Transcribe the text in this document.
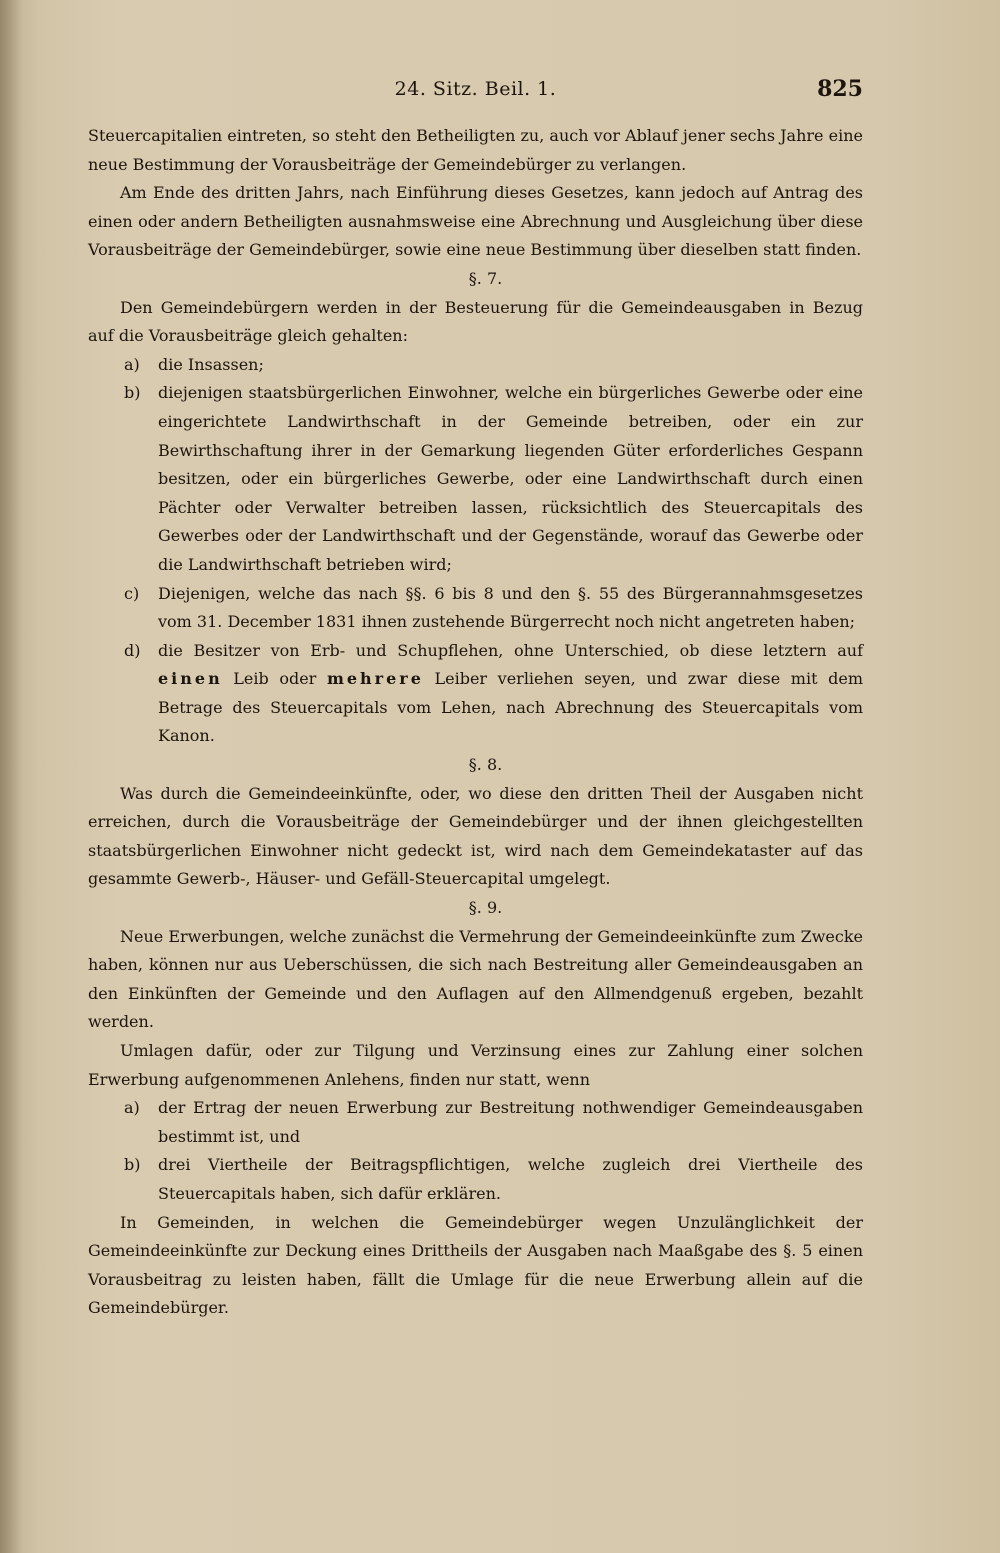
24. Sitz. Beil. 1.	825

Steuercapitalien eintreten, so steht den Betheiligten zu, auch vor Ablauf jener sechs Jahre eine neue Bestimmung der Vorausbeiträge der Gemeindebürger zu verlangen.

Am Ende des dritten Jahrs, nach Einführung dieses Gesetzes, kann jedoch auf Antrag des einen oder andern Betheiligten ausnahmsweise eine Abrechnung und Ausgleichung über diese Vorausbeiträge der Gemeindebürger, sowie eine neue Bestimmung über dieselben statt finden.

§. 7.

Den Gemeindebürgern werden in der Besteuerung für die Gemeindeausgaben in Bezug auf die Vorausbeiträge gleich gehalten:

a)	die Insassen;
b)	diejenigen staatsbürgerlichen Einwohner, welche ein bürgerliches Gewerbe oder eine eingerichtete Landwirthschaft in der Gemeinde betreiben, oder ein zur Bewirthschaftung ihrer in der Gemarkung liegenden Güter erforderliches Gespann besitzen, oder ein bürgerliches Gewerbe, oder eine Landwirthschaft durch einen Pächter oder Verwalter betreiben lassen, rücksichtlich des Steuercapitals des Gewerbes oder der Landwirthschaft und der Gegenstände, worauf das Gewerbe oder die Landwirthschaft betrieben wird;
c)	Diejenigen, welche das nach §§. 6 bis 8 und den §. 55 des Bürgerannahmsgesetzes vom 31. December 1831 ihnen zustehende Bürgerrecht noch nicht angetreten haben;
d)	die Besitzer von Erb- und Schupflehen, ohne Unterschied, ob diese letztern auf einen Leib oder mehrere Leiber verliehen seyen, und zwar diese mit dem Betrage des Steuercapitals vom Lehen, nach Abrechnung des Steuercapitals vom Kanon.

§. 8.

Was durch die Gemeindeeinkünfte, oder, wo diese den dritten Theil der Ausgaben nicht erreichen, durch die Vorausbeiträge der Gemeindebürger und der ihnen gleichgestellten staatsbürgerlichen Einwohner nicht gedeckt ist, wird nach dem Gemeindekataster auf das gesammte Gewerb-, Häuser- und Gefäll-Steuercapital umgelegt.

§. 9.

Neue Erwerbungen, welche zunächst die Vermehrung der Gemeindeeinkünfte zum Zwecke haben, können nur aus Ueberschüssen, die sich nach Bestreitung aller Gemeindeausgaben an den Einkünften der Gemeinde und den Auflagen auf den Allmendgenuß ergeben, bezahlt werden.

Umlagen dafür, oder zur Tilgung und Verzinsung eines zur Zahlung einer solchen Erwerbung aufgenommenen Anlehens, finden nur statt, wenn

a)	der Ertrag der neuen Erwerbung zur Bestreitung nothwendiger Gemeindeausgaben bestimmt ist, und
b)	drei Viertheile der Beitragspflichtigen, welche zugleich drei Viertheile des Steuercapitals haben, sich dafür erklären.

In Gemeinden, in welchen die Gemeindebürger wegen Unzulänglichkeit der Gemeindeeinkünfte zur Deckung eines Drittheils der Ausgaben nach Maaßgabe des §. 5 einen Vorausbeitrag zu leisten haben, fällt die Umlage für die neue Erwerbung allein auf die Gemeindebürger.
